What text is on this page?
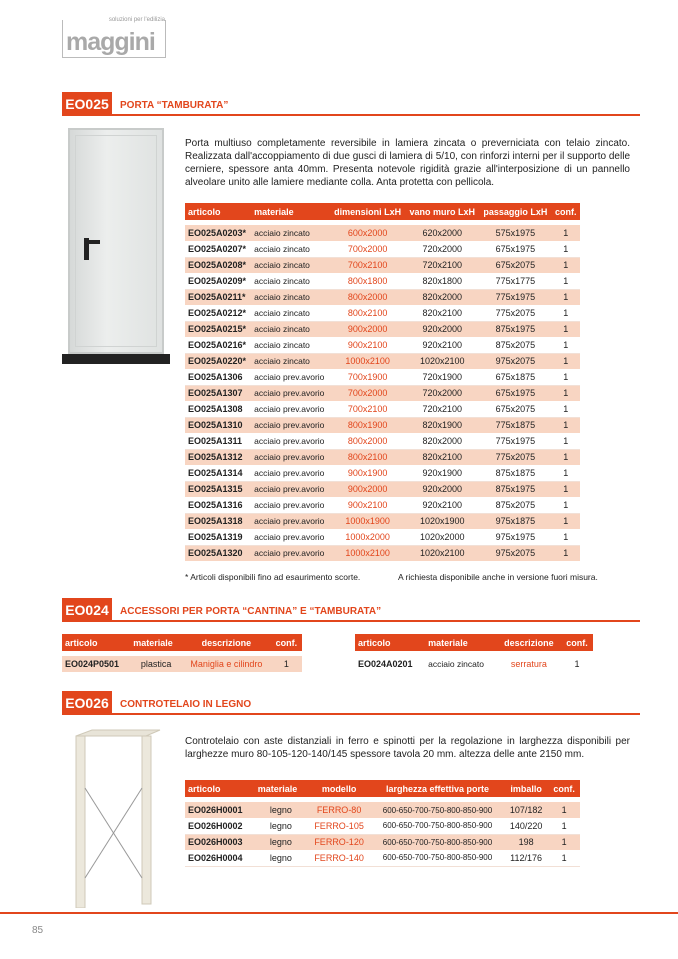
soluzioni per l'edilizia
maggini
EO025	PORTA “TAMBURATA”

Porta multiuso completamente reversibile in lamiera zincata o preverniciata con telaio zincato. Realizzata dall'accoppiamento di due gusci di lamiera di 5/10, con rinforzi interni per il supporto delle cerniere, spessore anta 40mm. Presenta notevole rigidità grazie all'interposizione di un pannello alveolare unito alle lamiere mediante colla. Anta protetta con pellicola.

articolo	materiale	dimensioni LxH	vano muro LxH	passaggio LxH	conf.

EO025A0203*	acciaio zincato	600x2000	620x2000	575x1975	1
EO025A0207*	acciaio zincato	700x2000	720x2000	675x1975	1
EO025A0208*	acciaio zincato	700x2100	720x2100	675x2075	1
EO025A0209*	acciaio zincato	800x1800	820x1800	775x1775	1
EO025A0211*	acciaio zincato	800x2000	820x2000	775x1975	1
EO025A0212*	acciaio zincato	800x2100	820x2100	775x2075	1
EO025A0215*	acciaio zincato	900x2000	920x2000	875x1975	1
EO025A0216*	acciaio zincato	900x2100	920x2100	875x2075	1
EO025A0220*	acciaio zincato	1000x2100	1020x2100	975x2075	1
EO025A1306	acciaio prev.avorio	700x1900	720x1900	675x1875	1
EO025A1307	acciaio prev.avorio	700x2000	720x2000	675x1975	1
EO025A1308	acciaio prev.avorio	700x2100	720x2100	675x2075	1
EO025A1310	acciaio prev.avorio	800x1900	820x1900	775x1875	1
EO025A1311	acciaio prev.avorio	800x2000	820x2000	775x1975	1
EO025A1312	acciaio prev.avorio	800x2100	820x2100	775x2075	1
EO025A1314	acciaio prev.avorio	900x1900	920x1900	875x1875	1
EO025A1315	acciaio prev.avorio	900x2000	920x2000	875x1975	1
EO025A1316	acciaio prev.avorio	900x2100	920x2100	875x2075	1
EO025A1318	acciaio prev.avorio	1000x1900	1020x1900	975x1875	1
EO025A1319	acciaio prev.avorio	1000x2000	1020x2000	975x1975	1
EO025A1320	acciaio prev.avorio	1000x2100	1020x2100	975x2075	1
* Articoli disponibili fino ad esaurimento scorte.	A richiesta disponibile anche in versione fuori misura.
EO024	ACCESSORI PER PORTA “CANTINA” E “TAMBURATA”
articolo	materiale	descrizione	conf.

EO024P0501	plastica	Maniglia e cilindro	1
articolo	materiale	descrizione	conf.

EO024A0201	acciaio zincato	serratura	1
EO026	CONTROTELAIO IN LEGNO

Controtelaio con aste distanziali in ferro e spinotti per la regolazione in larghezza disponibili per larghezze muro 80-105-120-140/145 spessore tavola 20 mm. altezza delle ante 2150 mm.

articolo	materiale	modello	larghezza effettiva porte	imballo	conf.

EO026H0001	legno	FERRO-80	600-650-700-750-800-850-900	107/182	1
EO026H0002	legno	FERRO-105	600-650-700-750-800-850-900	140/220	1
EO026H0003	legno	FERRO-120	600-650-700-750-800-850-900	198	1
EO026H0004	legno	FERRO-140	600-650-700-750-800-850-900	112/176	1
85
